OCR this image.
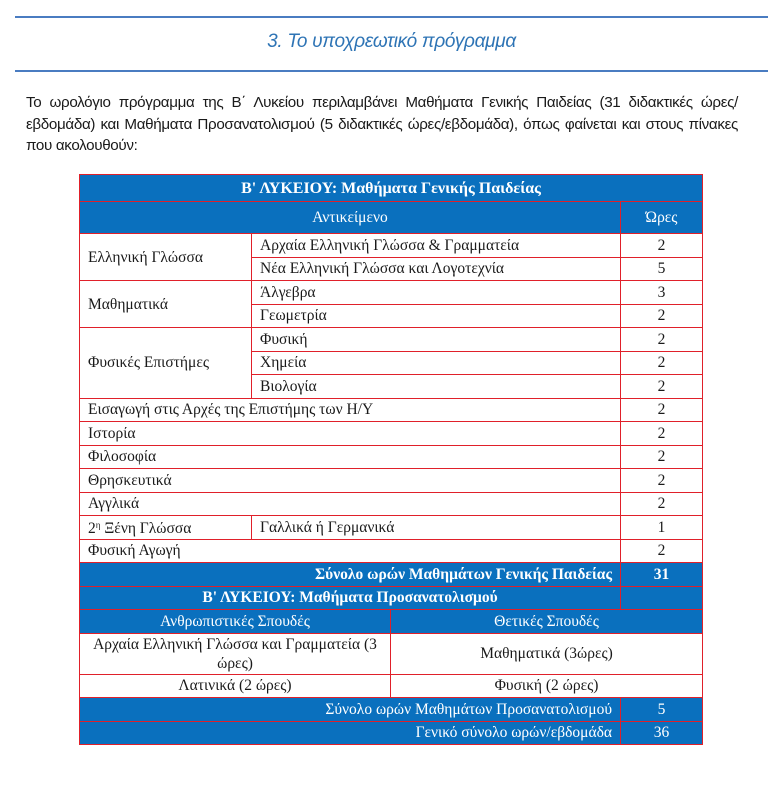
3. Το υποχρεωτικό πρόγραμμα

Το ωρολόγιο πρόγραμμα της Β΄ Λυκείου περιλαμβάνει Μαθήματα Γενικής Παιδείας (31 διδακτικές ώρες/εβδομάδα) και Μαθήματα Προσανατολισμού (5 διδακτικές ώρες/εβδομάδα), όπως φαίνεται και στους πίνακες που ακολουθούν:

Β' ΛΥΚΕΙΟΥ: Μαθήματα Γενικής Παιδείας			
Αντικείμενο			Ώρες
Ελληνική Γλώσσα	Αρχαία Ελληνική Γλώσσα & Γραμματεία		2
	Νέα Ελληνική Γλώσσα και Λογοτεχνία		5
Μαθηματικά	Άλγεβρα		3
	Γεωμετρία		2
Φυσικές Επιστήμες	Φυσική		2
	Χημεία		2
	Βιολογία		2
Εισαγωγή στις Αρχές της Επιστήμης των Η/Υ			2
Ιστορία			2
Φιλοσοφία			2
Θρησκευτικά			2
Αγγλικά			2
$2^\eta$ Ξένη Γλώσσα	Γαλλικά ή Γερμανικά		1
Φυσική Αγωγή			2
Σύνολο ωρών Μαθημάτων Γενικής Παιδείας			31
Β' ΛΥΚΕΙΟΥ: Μαθήματα Προσανατολισμού			
Ανθρωπιστικές Σπουδές		Θετικές Σπουδές	
Αρχαία Ελληνική Γλώσσα και Γραμματεία (3 ώρες)		Μαθηματικά (3ώρες)	
Λατινικά (2 ώρες)		Φυσική (2 ώρες)	
Σύνολο ωρών Μαθημάτων Προσανατολισμού			5
Γενικό σύνολο ωρών/εβδομάδα			36
